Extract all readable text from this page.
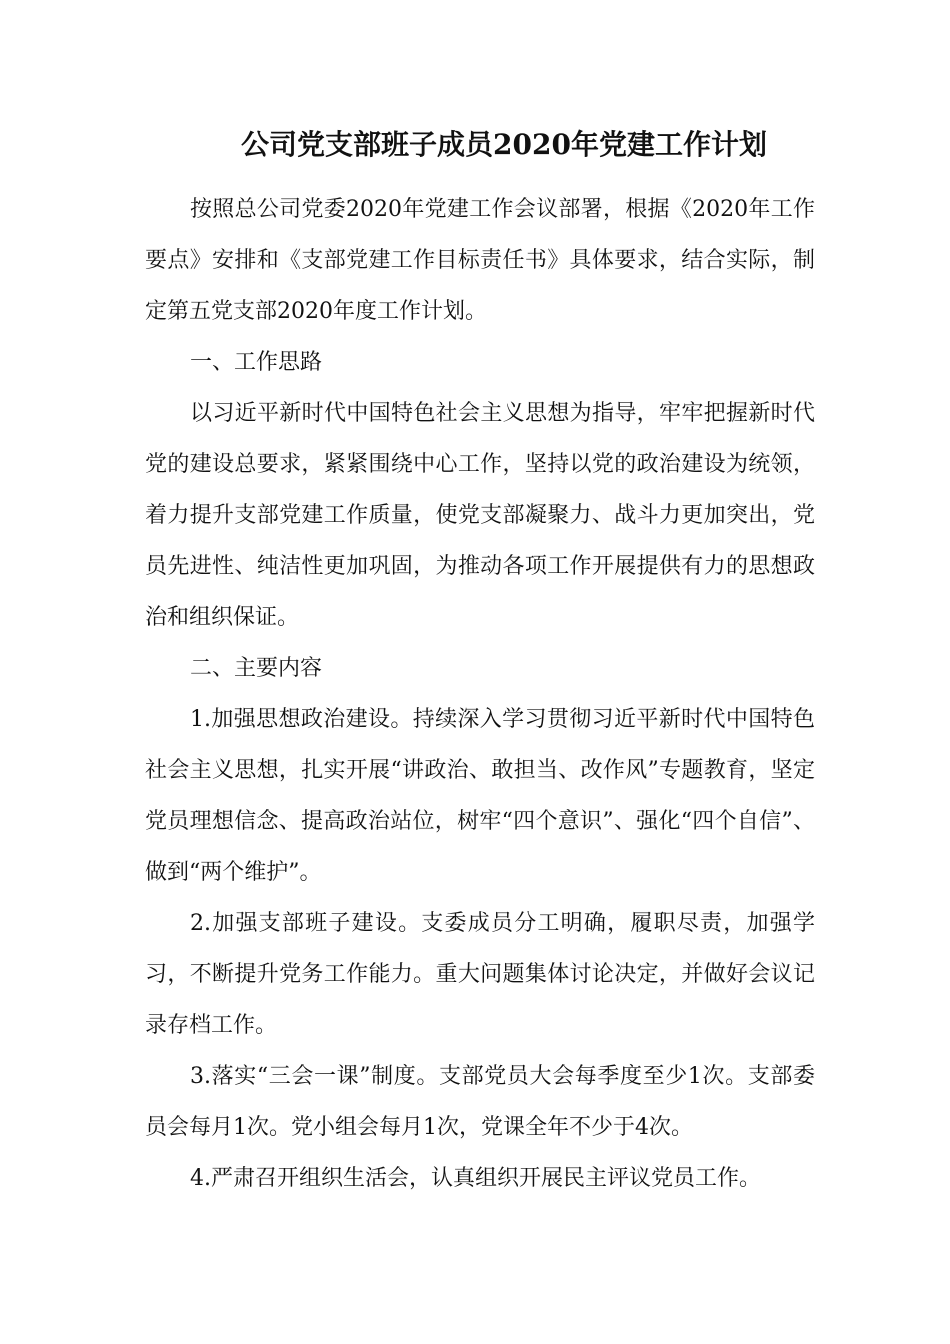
公司党支部班子成员2020年党建工作计划

按照总公司党委2020年党建工作会议部署，根据《2020年工作要点》安排和《支部党建工作目标责任书》具体要求，结合实际，制定第五党支部2020年度工作计划。

一、工作思路

以习近平新时代中国特色社会主义思想为指导，牢牢把握新时代党的建设总要求，紧紧围绕中心工作，坚持以党的政治建设为统领，着力提升支部党建工作质量，使党支部凝聚力、战斗力更加突出，党员先进性、纯洁性更加巩固，为推动各项工作开展提供有力的思想政治和组织保证。

二、主要内容

1.加强思想政治建设。持续深入学习贯彻习近平新时代中国特色社会主义思想，扎实开展“讲政治、敢担当、改作风”专题教育，坚定党员理想信念、提高政治站位，树牢“四个意识”、强化“四个自信”、做到“两个维护”。

2.加强支部班子建设。支委成员分工明确，履职尽责，加强学习，不断提升党务工作能力。重大问题集体讨论决定，并做好会议记录存档工作。

3.落实“三会一课”制度。支部党员大会每季度至少1次。支部委员会每月1次。党小组会每月1次，党课全年不少于4次。

4.严肃召开组织生活会，认真组织开展民主评议党员工作。
